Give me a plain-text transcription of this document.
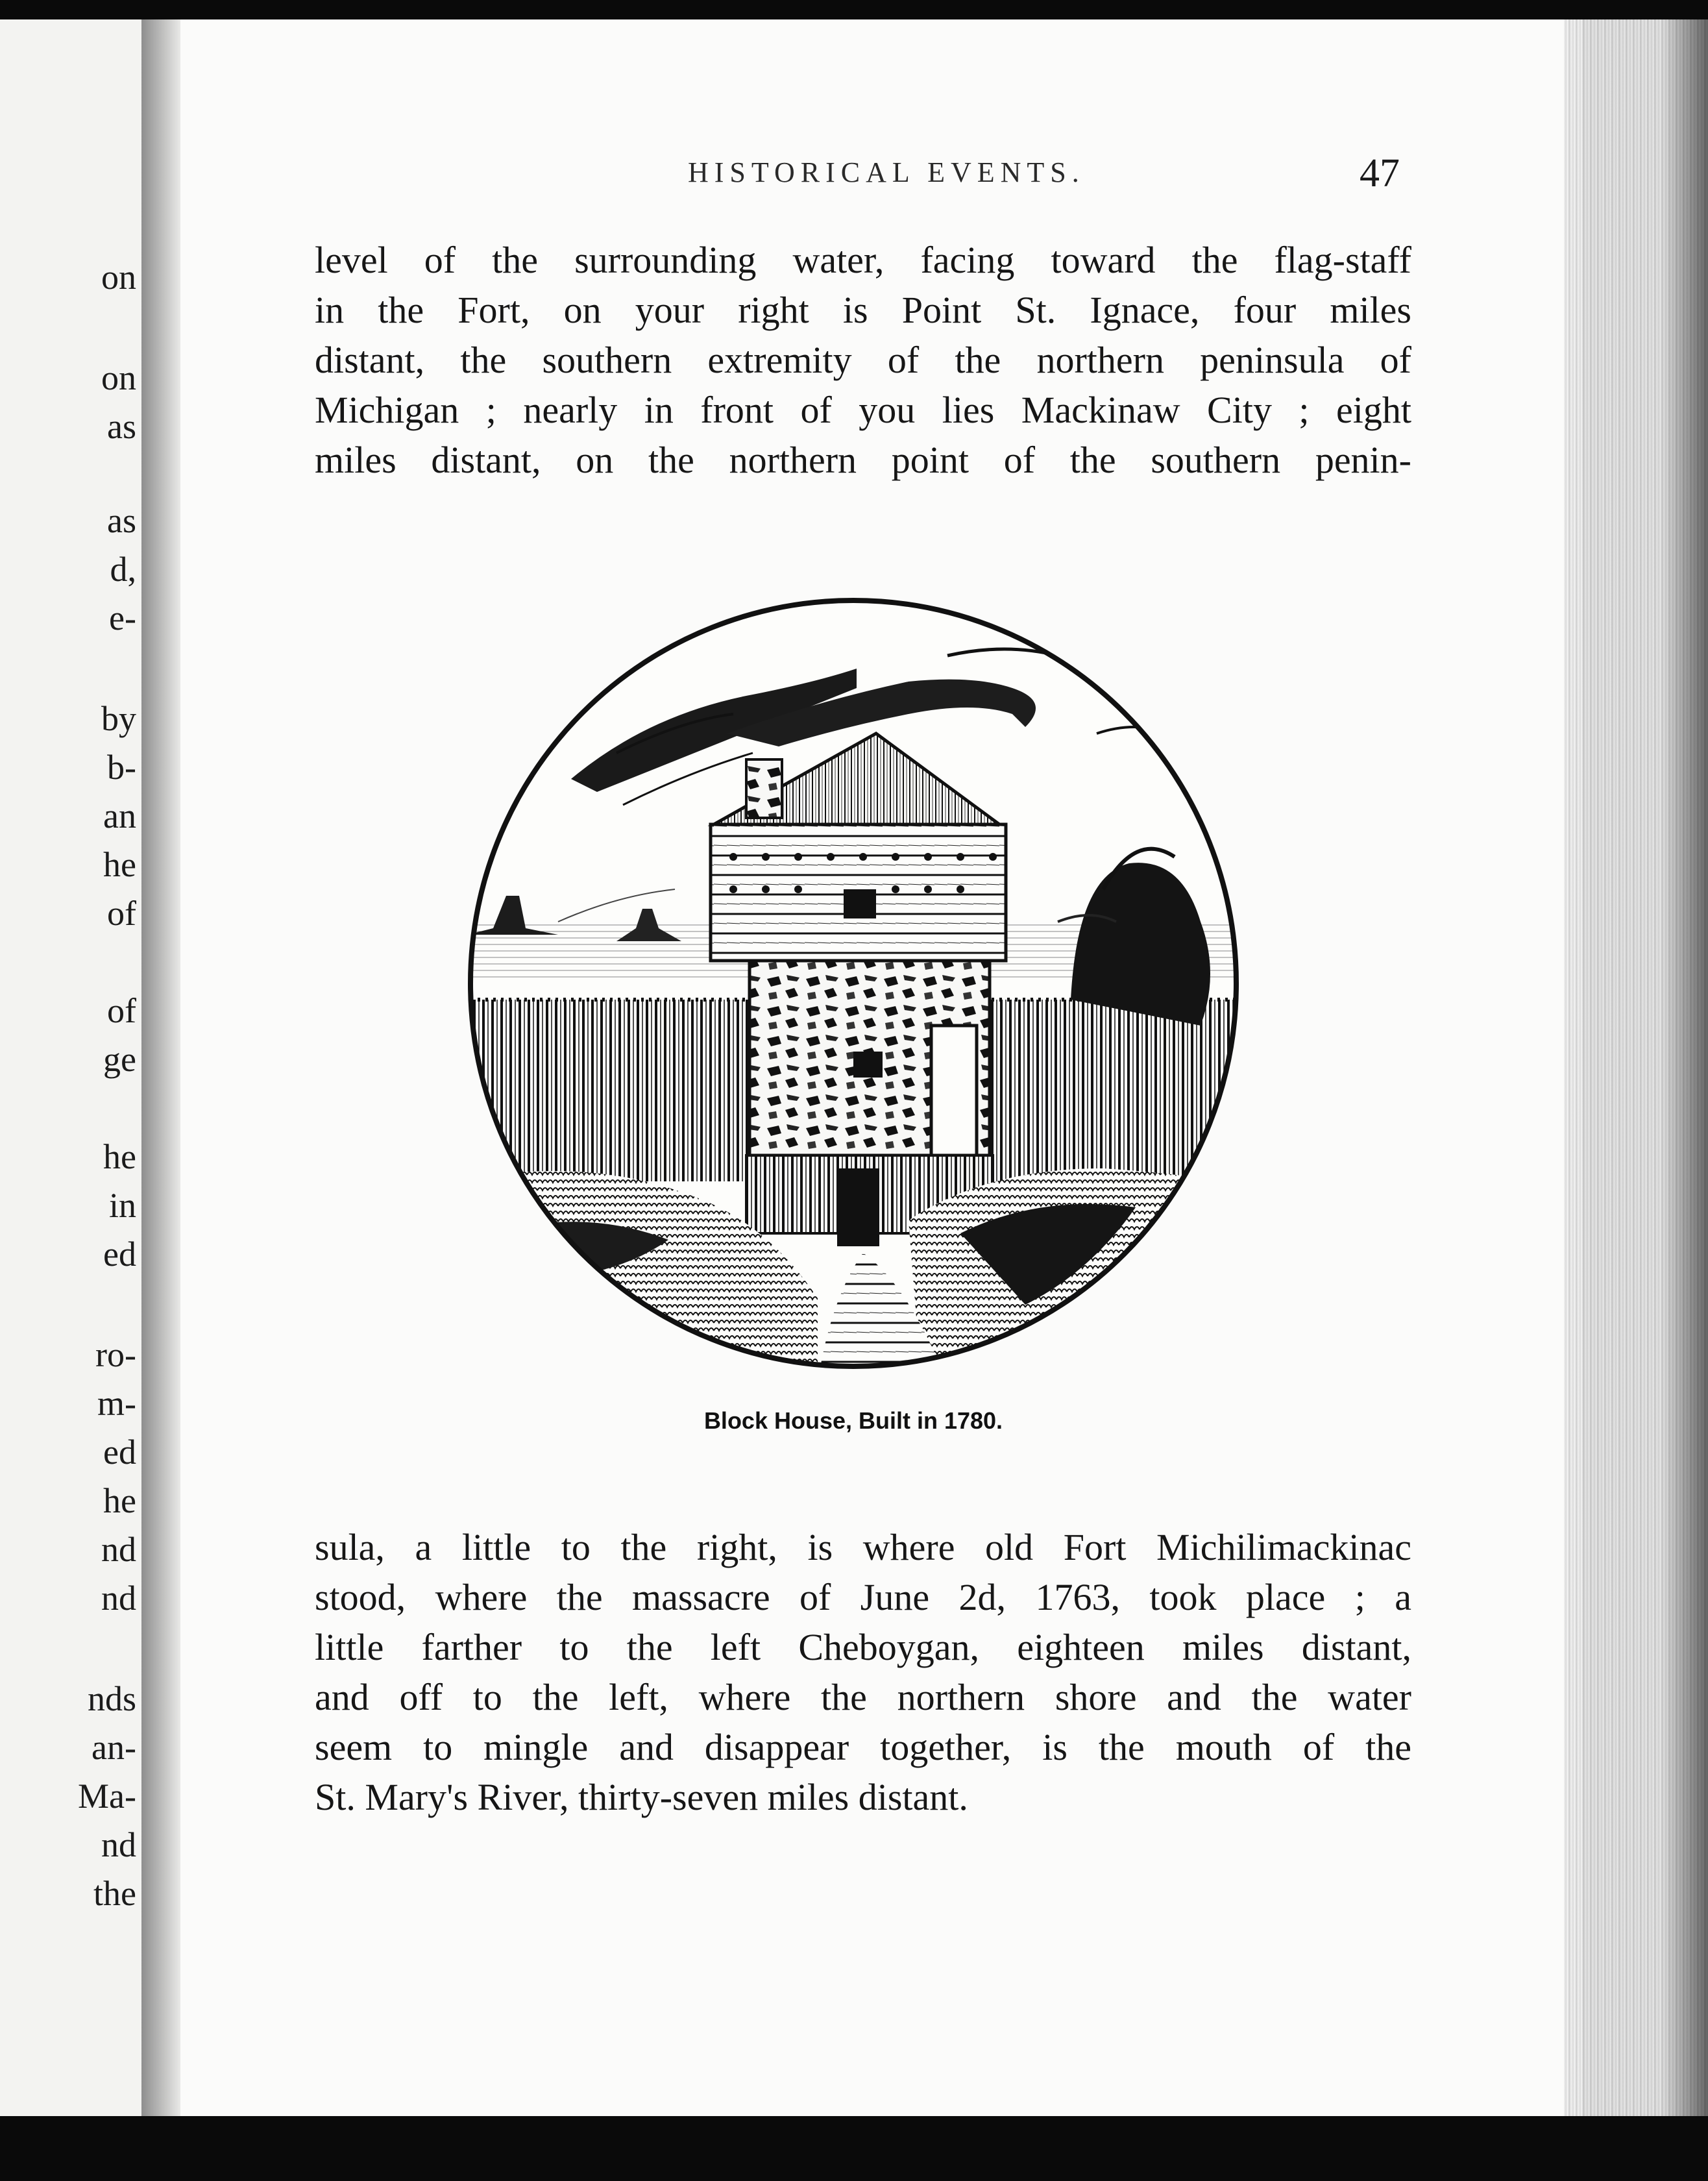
on
on
as
as
d,
e-
by
b-
an
he
of
of
ge
he
in
ed
ro-
m-
ed
he
nd
nd
nds
an-
Ma-
nd
the
HISTORICAL EVENTS.	47
level of the surrounding water, facing toward the flag-staff
in the Fort, on your right is Point St. Ignace, four miles
distant, the southern extremity of the northern peninsula of
Michigan ; nearly in front of you lies Mackinaw City ; eight
miles distant, on the northern point of the southern penin-
Block House, Built in 1780.
sula, a little to the right, is where old Fort Michilimackinac
stood, where the massacre of June 2d, 1763, took place ; a
little farther to the left Cheboygan, eighteen miles distant,
and off to the left, where the northern shore and the water
seem to mingle and disappear together, is the mouth of the
St. Mary's River, thirty-seven miles distant.
